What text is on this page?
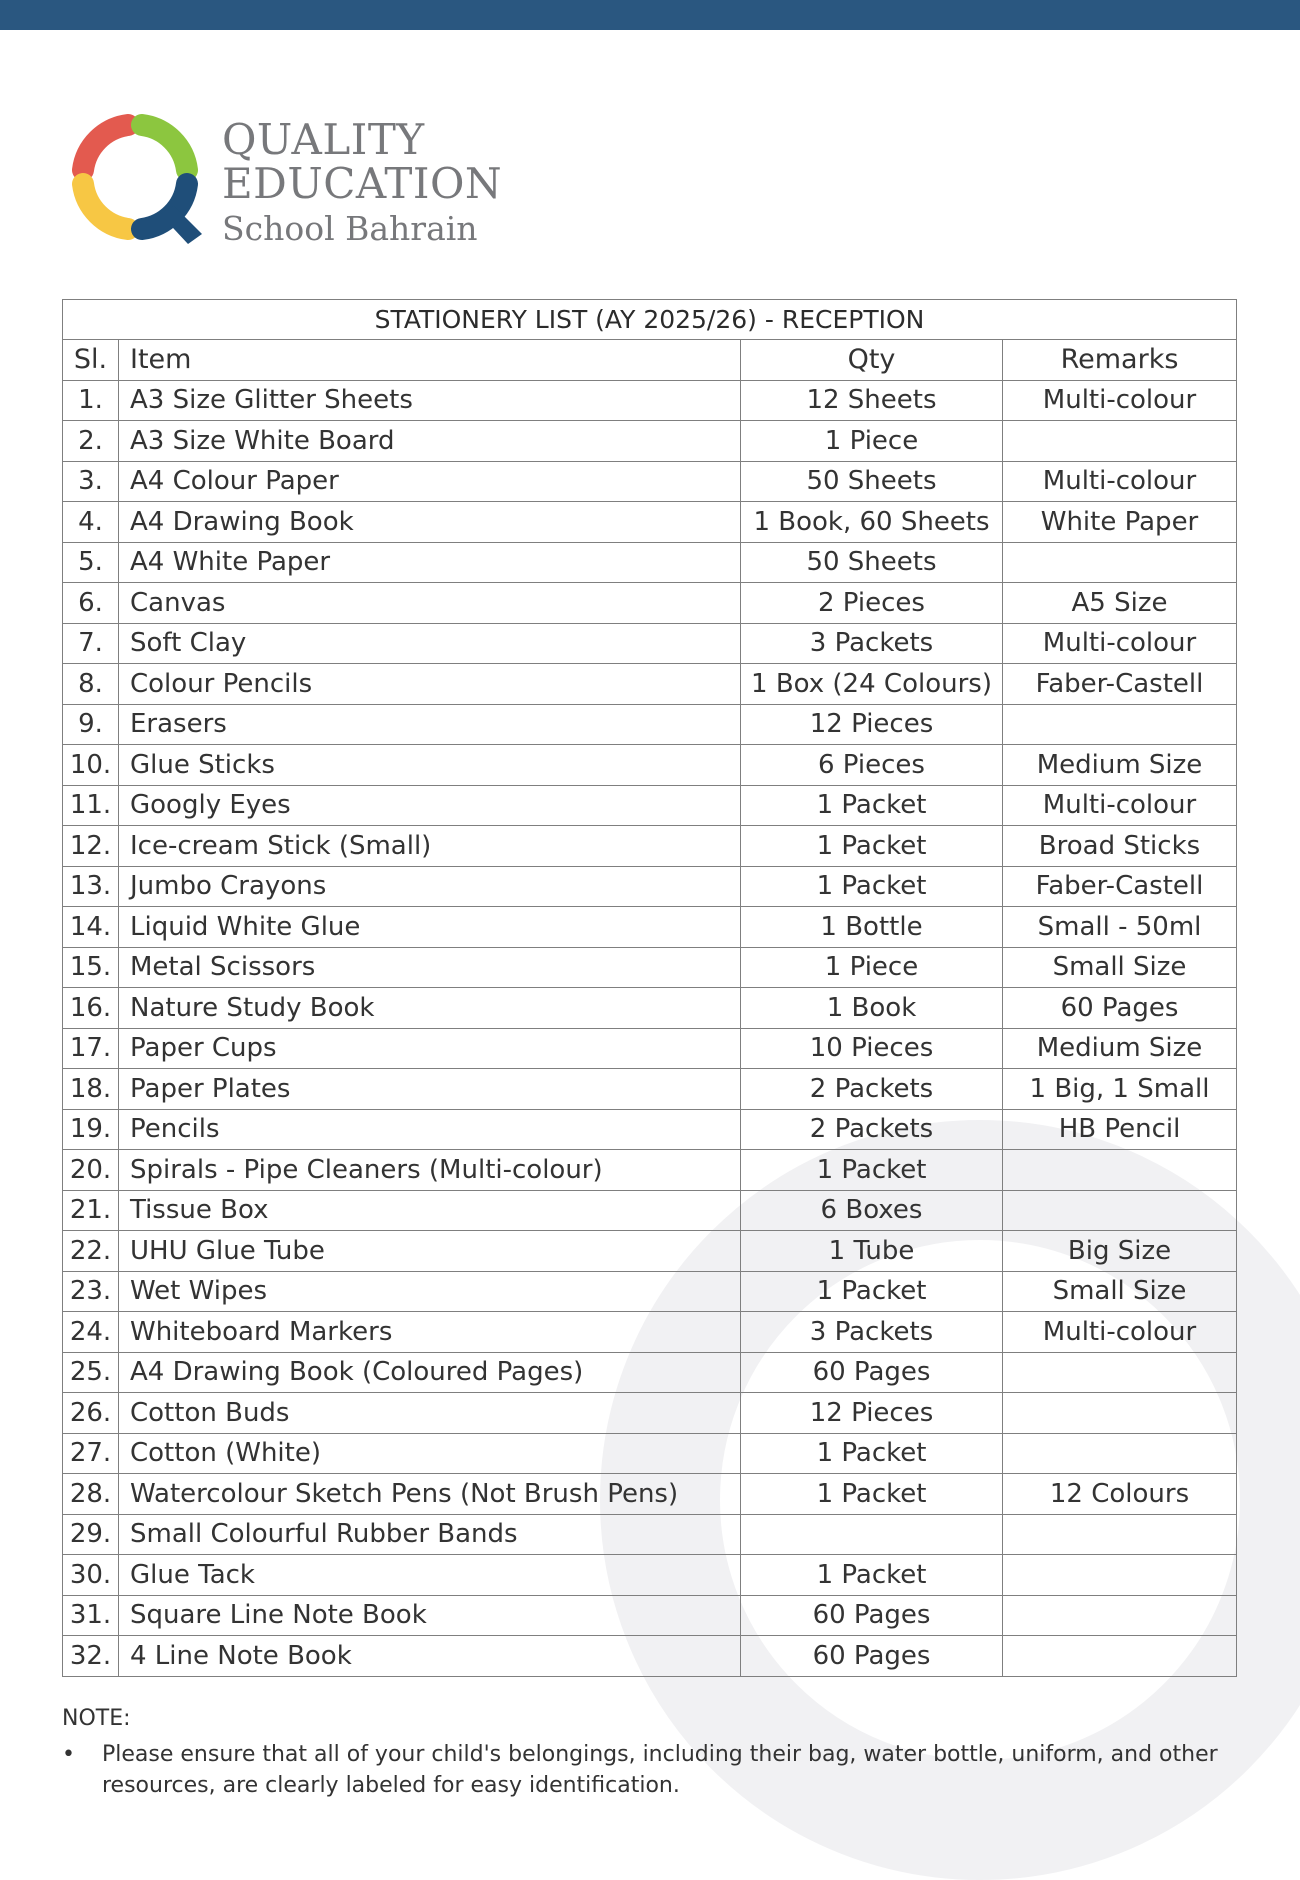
QUALITY
EDUCATION
School Bahrain
STATIONERY LIST (AY 2025/26) - RECEPTION			
Sl.	Item	Qty	Remarks
1.	A3 Size Glitter Sheets	12 Sheets	Multi-colour
2.	A3 Size White Board	1 Piece	
3.	A4 Colour Paper	50 Sheets	Multi-colour
4.	A4 Drawing Book	1 Book, 60 Sheets	White Paper
5.	A4 White Paper	50 Sheets	
6.	Canvas	2 Pieces	A5 Size
7.	Soft Clay	3 Packets	Multi-colour
8.	Colour Pencils	1 Box (24 Colours)	Faber-Castell
9.	Erasers	12 Pieces	
10.	Glue Sticks	6 Pieces	Medium Size
11.	Googly Eyes	1 Packet	Multi-colour
12.	Ice-cream Stick (Small)	1 Packet	Broad Sticks
13.	Jumbo Crayons	1 Packet	Faber-Castell
14.	Liquid White Glue	1 Bottle	Small - 50ml
15.	Metal Scissors	1 Piece	Small Size
16.	Nature Study Book	1 Book	60 Pages
17.	Paper Cups	10 Pieces	Medium Size
18.	Paper Plates	2 Packets	1 Big, 1 Small
19.	Pencils	2 Packets	HB Pencil
20.	Spirals - Pipe Cleaners (Multi-colour)	1 Packet	
21.	Tissue Box	6 Boxes	
22.	UHU Glue Tube	1 Tube	Big Size
23.	Wet Wipes	1 Packet	Small Size
24.	Whiteboard Markers	3 Packets	Multi-colour
25.	A4 Drawing Book (Coloured Pages)	60 Pages	
26.	Cotton Buds	12 Pieces	
27.	Cotton (White)	1 Packet	
28.	Watercolour Sketch Pens (Not Brush Pens)	1 Packet	12 Colours
29.	Small Colourful Rubber Bands		
30.	Glue Tack	1 Packet	
31.	Square Line Note Book	60 Pages	
32.	4 Line Note Book	60 Pages	
NOTE:
• Please ensure that all of your child's belongings, including their bag, water bottle, uniform, and other resources, are clearly labeled for easy identification.
